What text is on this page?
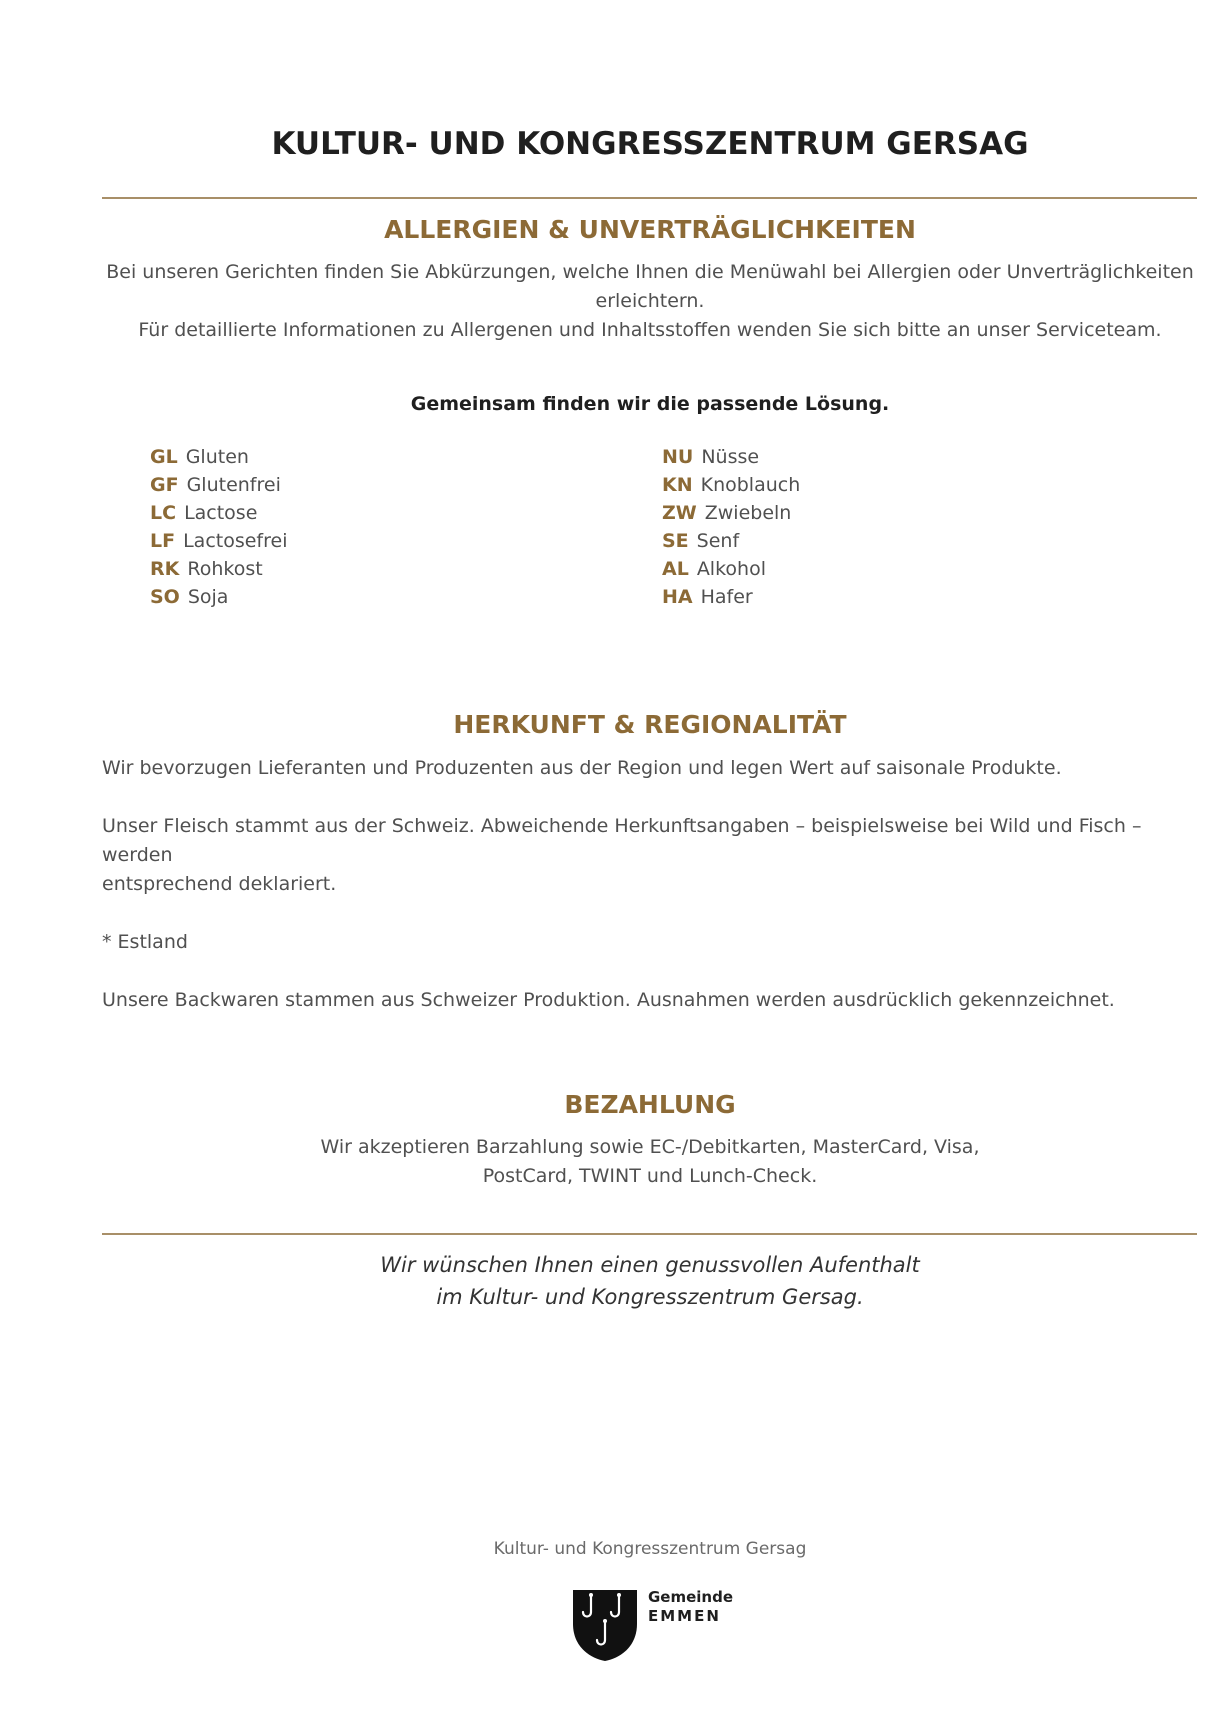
KULTUR- UND KONGRESSZENTRUM GERSAG
ALLERGIEN & UNVERTRÄGLICHKEITEN
Bei unseren Gerichten finden Sie Abkürzungen, welche Ihnen die Menüwahl bei Allergien oder Unverträglichkeiten
erleichtern.
Für detaillierte Informationen zu Allergenen und Inhaltsstoffen wenden Sie sich bitte an unser Serviceteam.
Gemeinsam finden wir die passende Lösung.
GL Gluten
GF Glutenfrei
LC Lactose
LF Lactosefrei
RK Rohkost
SO Soja
NU Nüsse
KN Knoblauch
ZW Zwiebeln
SE Senf
AL Alkohol
HA Hafer
HERKUNFT & REGIONALITÄT
Wir bevorzugen Lieferanten und Produzenten aus der Region und legen Wert auf saisonale Produkte.
Unser Fleisch stammt aus der Schweiz. Abweichende Herkunftsangaben – beispielsweise bei Wild und Fisch – werden
entsprechend deklariert.
* Estland
Unsere Backwaren stammen aus Schweizer Produktion. Ausnahmen werden ausdrücklich gekennzeichnet.
BEZAHLUNG
Wir akzeptieren Barzahlung sowie EC-/Debitkarten, MasterCard, Visa,
PostCard, TWINT und Lunch-Check.
Wir wünschen Ihnen einen genussvollen Aufenthalt
im Kultur- und Kongresszentrum Gersag.
Kultur- und Kongresszentrum Gersag
Gemeinde
EMMEN
